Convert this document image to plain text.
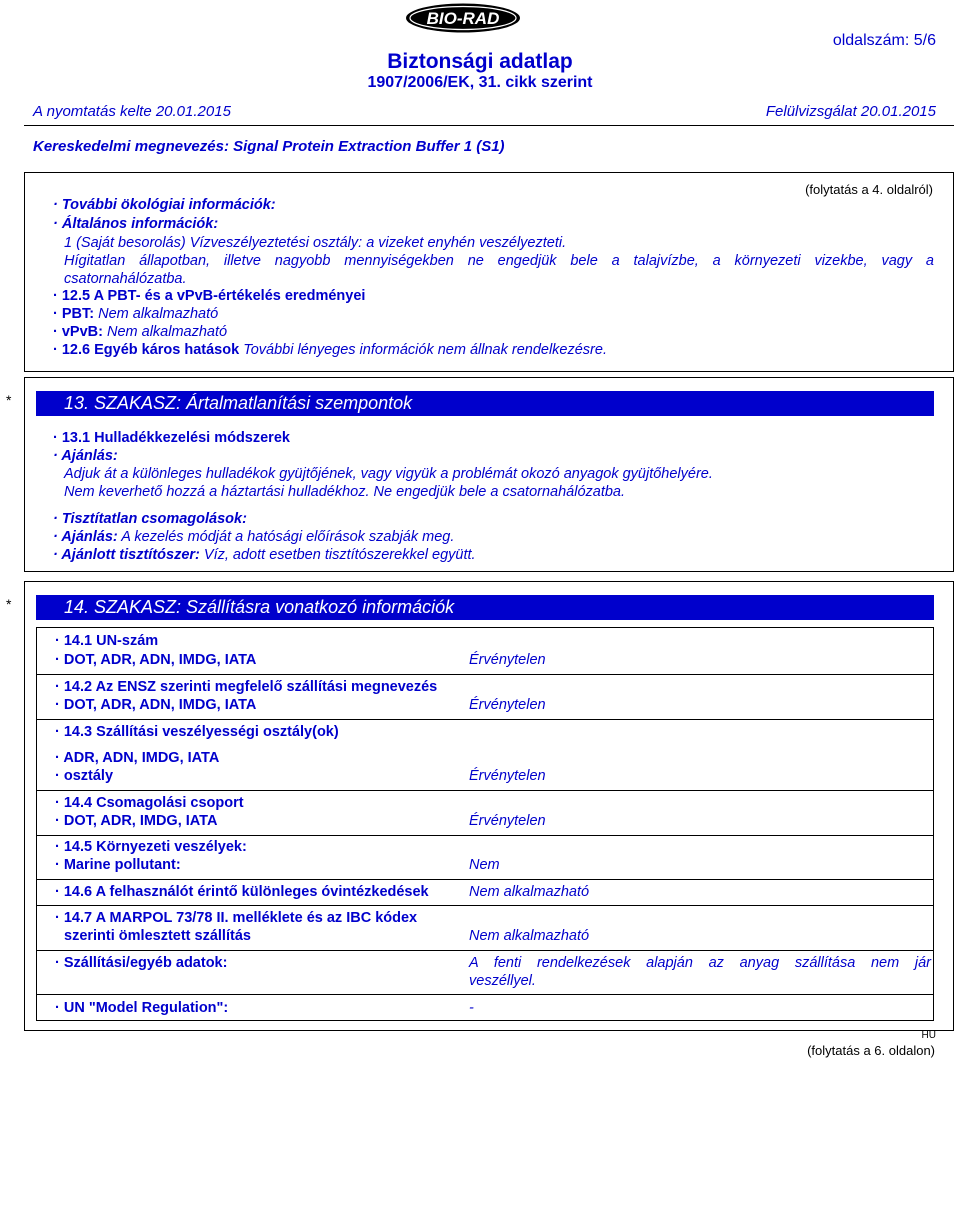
BIO-RAD
oldalszám: 5/6
Biztonsági adatlap
1907/2006/EK, 31. cikk szerint
A nyomtatás kelte 20.01.2015	Felülvizsgálat 20.01.2015
Kereskedelmi megnevezés: Signal Protein Extraction Buffer 1 (S1)
(folytatás a 4. oldalról)
· További ökológiai információk:
· Általános információk:
1 (Saját besorolás) Vízveszélyeztetési osztály: a vizeket enyhén veszélyezteti.
Hígitatlan állapotban, illetve nagyobb mennyiségekben ne engedjük bele a talajvízbe, a környezeti vizekbe, vagy a
csatornahálózatba.
· 12.5 A PBT- és a vPvB-értékelés eredményei
· PBT: Nem alkalmazható
· vPvB: Nem alkalmazható
· 12.6 Egyéb káros hatások További lényeges információk nem állnak rendelkezésre.
*	13. SZAKASZ: Ártalmatlanítási szempontok
· 13.1 Hulladékkezelési módszerek
· Ajánlás:
Adjuk át a különleges hulladékok gyüjtőjének, vagy vigyük a problémát okozó anyagok gyüjtőhelyére.
Nem keverhető hozzá a háztartási hulladékhoz. Ne engedjük bele a csatornahálózatba.
· Tisztítatlan csomagolások:
· Ajánlás: A kezelés módját a hatósági előírások szabják meg.
· Ajánlott tisztítószer: Víz, adott esetben tisztítószerekkel együtt.
*	14. SZAKASZ: Szállításra vonatkozó információk
· 14.1 UN-szám
· DOT, ADR, ADN, IMDG, IATA	Érvénytelen
· 14.2 Az ENSZ szerinti megfelelő szállítási megnevezés
· DOT, ADR, ADN, IMDG, IATA	Érvénytelen
· 14.3 Szállítási veszélyességi osztály(ok)
· ADR, ADN, IMDG, IATA
· osztály	Érvénytelen
· 14.4 Csomagolási csoport
· DOT, ADR, IMDG, IATA	Érvénytelen
· 14.5 Környezeti veszélyek:
· Marine pollutant:	Nem
· 14.6 A felhasználót érintő különleges óvintézkedések	Nem alkalmazható
· 14.7 A MARPOL 73/78 II. melléklete és az IBC kódex
szerinti ömlesztett szállítás	Nem alkalmazható
· Szállítási/egyéb adatok:	A fenti rendelkezések alapján az anyag szállítása nem jár
veszéllyel.
· UN "Model Regulation":	-
HU
(folytatás a 6. oldalon)
